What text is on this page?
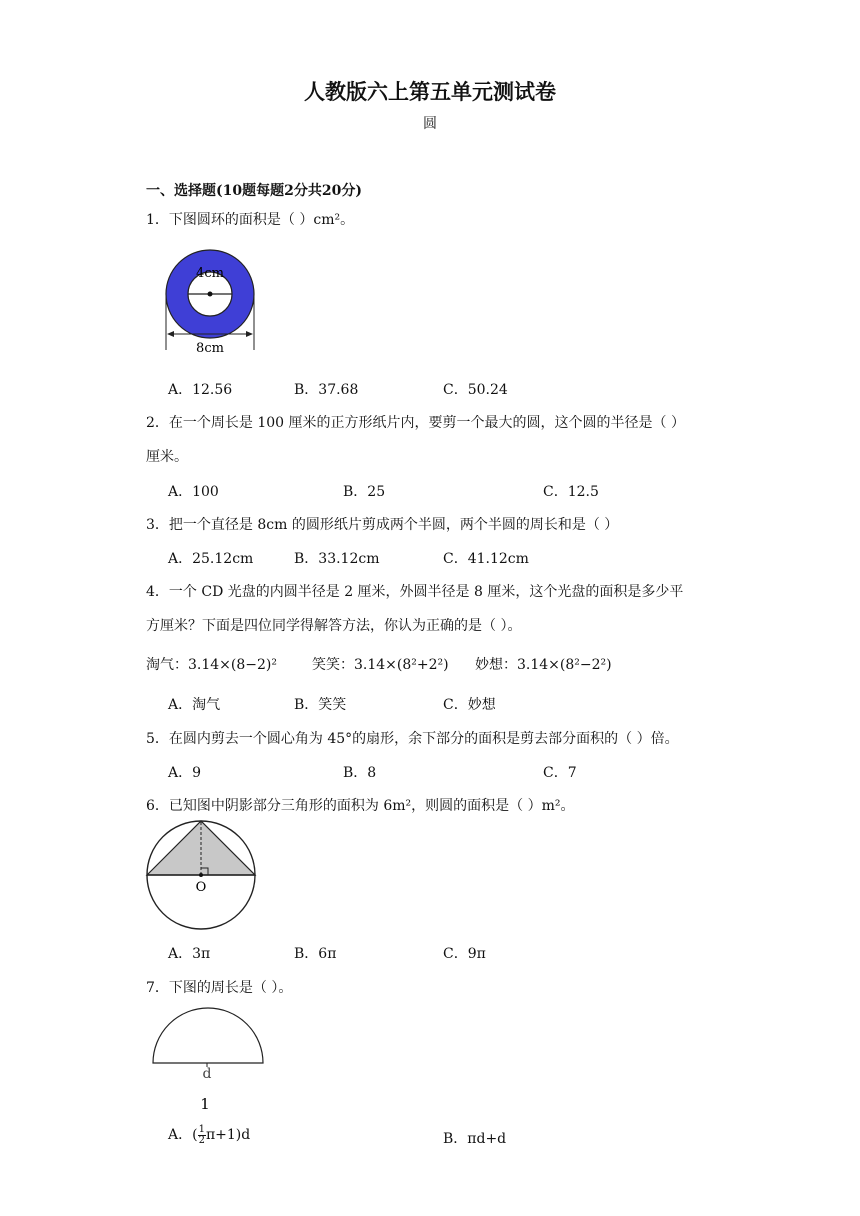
人教版六上第五单元测试卷
圆
一、选择题(10题每题2分共20分)
1．下图圆环的面积是（ ）cm²。
4cm
8cm
A．12.56	B．37.68	C．50.24
2．在一个周长是 100 厘米的正方形纸片内，要剪一个最大的圆，这个圆的半径是（ ）
厘米。
A．100	B．25	C．12.5
3．把一个直径是 8cm 的圆形纸片剪成两个半圆，两个半圆的周长和是（ ）
A．25.12cm	B．33.12cm	C．41.12cm
4．一个 CD 光盘的内圆半径是 2 厘米，外圆半径是 8 厘米，这个光盘的面积是多少平
方厘米？下面是四位同学得解答方法，你认为正确的是（ ）。
淘气：3.14×(8−2)²	笑笑：3.14×(8²+2²) 妙想：3.14×(8²−2²)
A．淘气	B．笑笑	C．妙想
5．在圆内剪去一个圆心角为 45°的扇形，余下部分的面积是剪去部分面积的（ ）倍。
A．9	B．8	C．7
6．已知图中阴影部分三角形的面积为 6m²，则圆的面积是（ ）m²。
O
A．3π	B．6π	C．9π
7．下图的周长是（ ）。
d
1
A．( $\frac{1}{2} \pi+1)d$	B．πd+d
